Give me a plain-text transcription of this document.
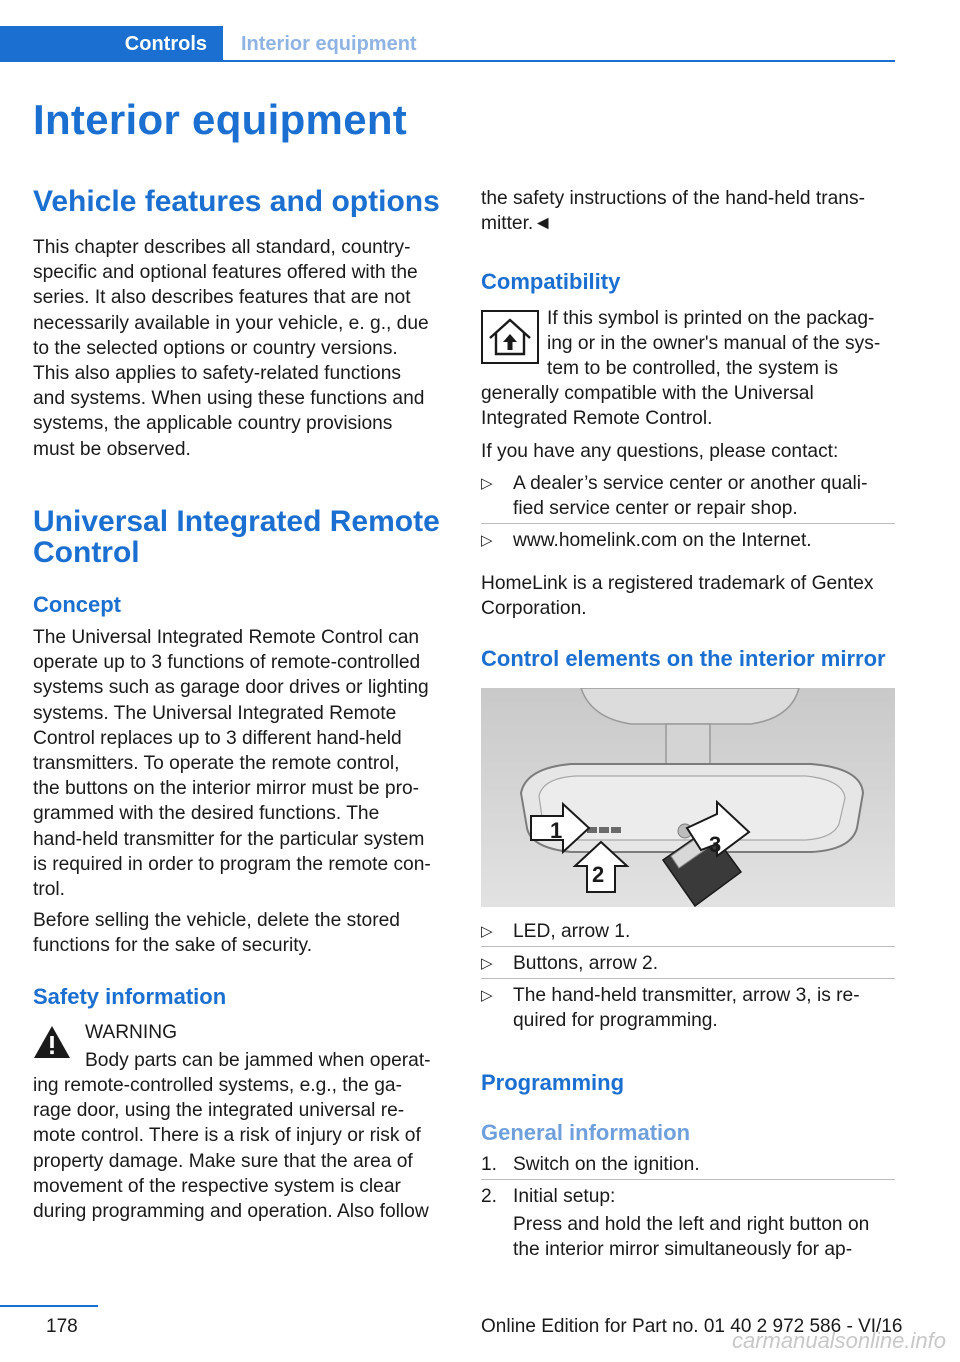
Controls	Interior equipment
Interior equipment
Vehicle features and options

This chapter describes all standard, country-

specific and optional features offered with the

series. It also describes features that are not

necessarily available in your vehicle, e. g., due

to the selected options or country versions.

This also applies to safety-related functions

and systems. When using these functions and

systems, the applicable country provisions

must be observed.

Universal Integrated Remote
Control
Concept

The Universal Integrated Remote Control can

operate up to 3 functions of remote-controlled

systems such as garage door drives or lighting

systems. The Universal Integrated Remote

Control replaces up to 3 different hand-held

transmitters. To operate the remote control,

the buttons on the interior mirror must be pro-

grammed with the desired functions. The

hand-held transmitter for the particular system

is required in order to program the remote con-

trol.

Before selling the vehicle, delete the stored

functions for the sake of security.

Safety information
WARNING
Body parts can be jammed when operat-

ing remote-controlled systems, e.g., the ga-

rage door, using the integrated universal re-

mote control. There is a risk of injury or risk of

property damage. Make sure that the area of

movement of the respective system is clear

during programming and operation. Also follow

the safety instructions of the hand-held trans-

mitter.◄

Compatibility

If this symbol is printed on the packag-

ing or in the owner's manual of the sys-

tem to be controlled, the system is

generally compatible with the Universal

Integrated Remote Control.

If you have any questions, please contact:
▷	A dealer’s service center or another quali-
fied service center or repair shop.
▷	www.homelink.com on the Internet.

HomeLink is a registered trademark of Gentex

Corporation.

Control elements on the interior mirror
1
2
3
▷	LED, arrow 1.
▷	Buttons, arrow 2.
▷	The hand-held transmitter, arrow 3, is re-
quired for programming.
Programming
General information
1. Switch on the ignition.
2. Initial setup:
Press and hold the left and right button on
the interior mirror simultaneously for ap-
178	Online Edition for Part no. 01 40 2 972 586 - VI/16
carmanualsonline.info
